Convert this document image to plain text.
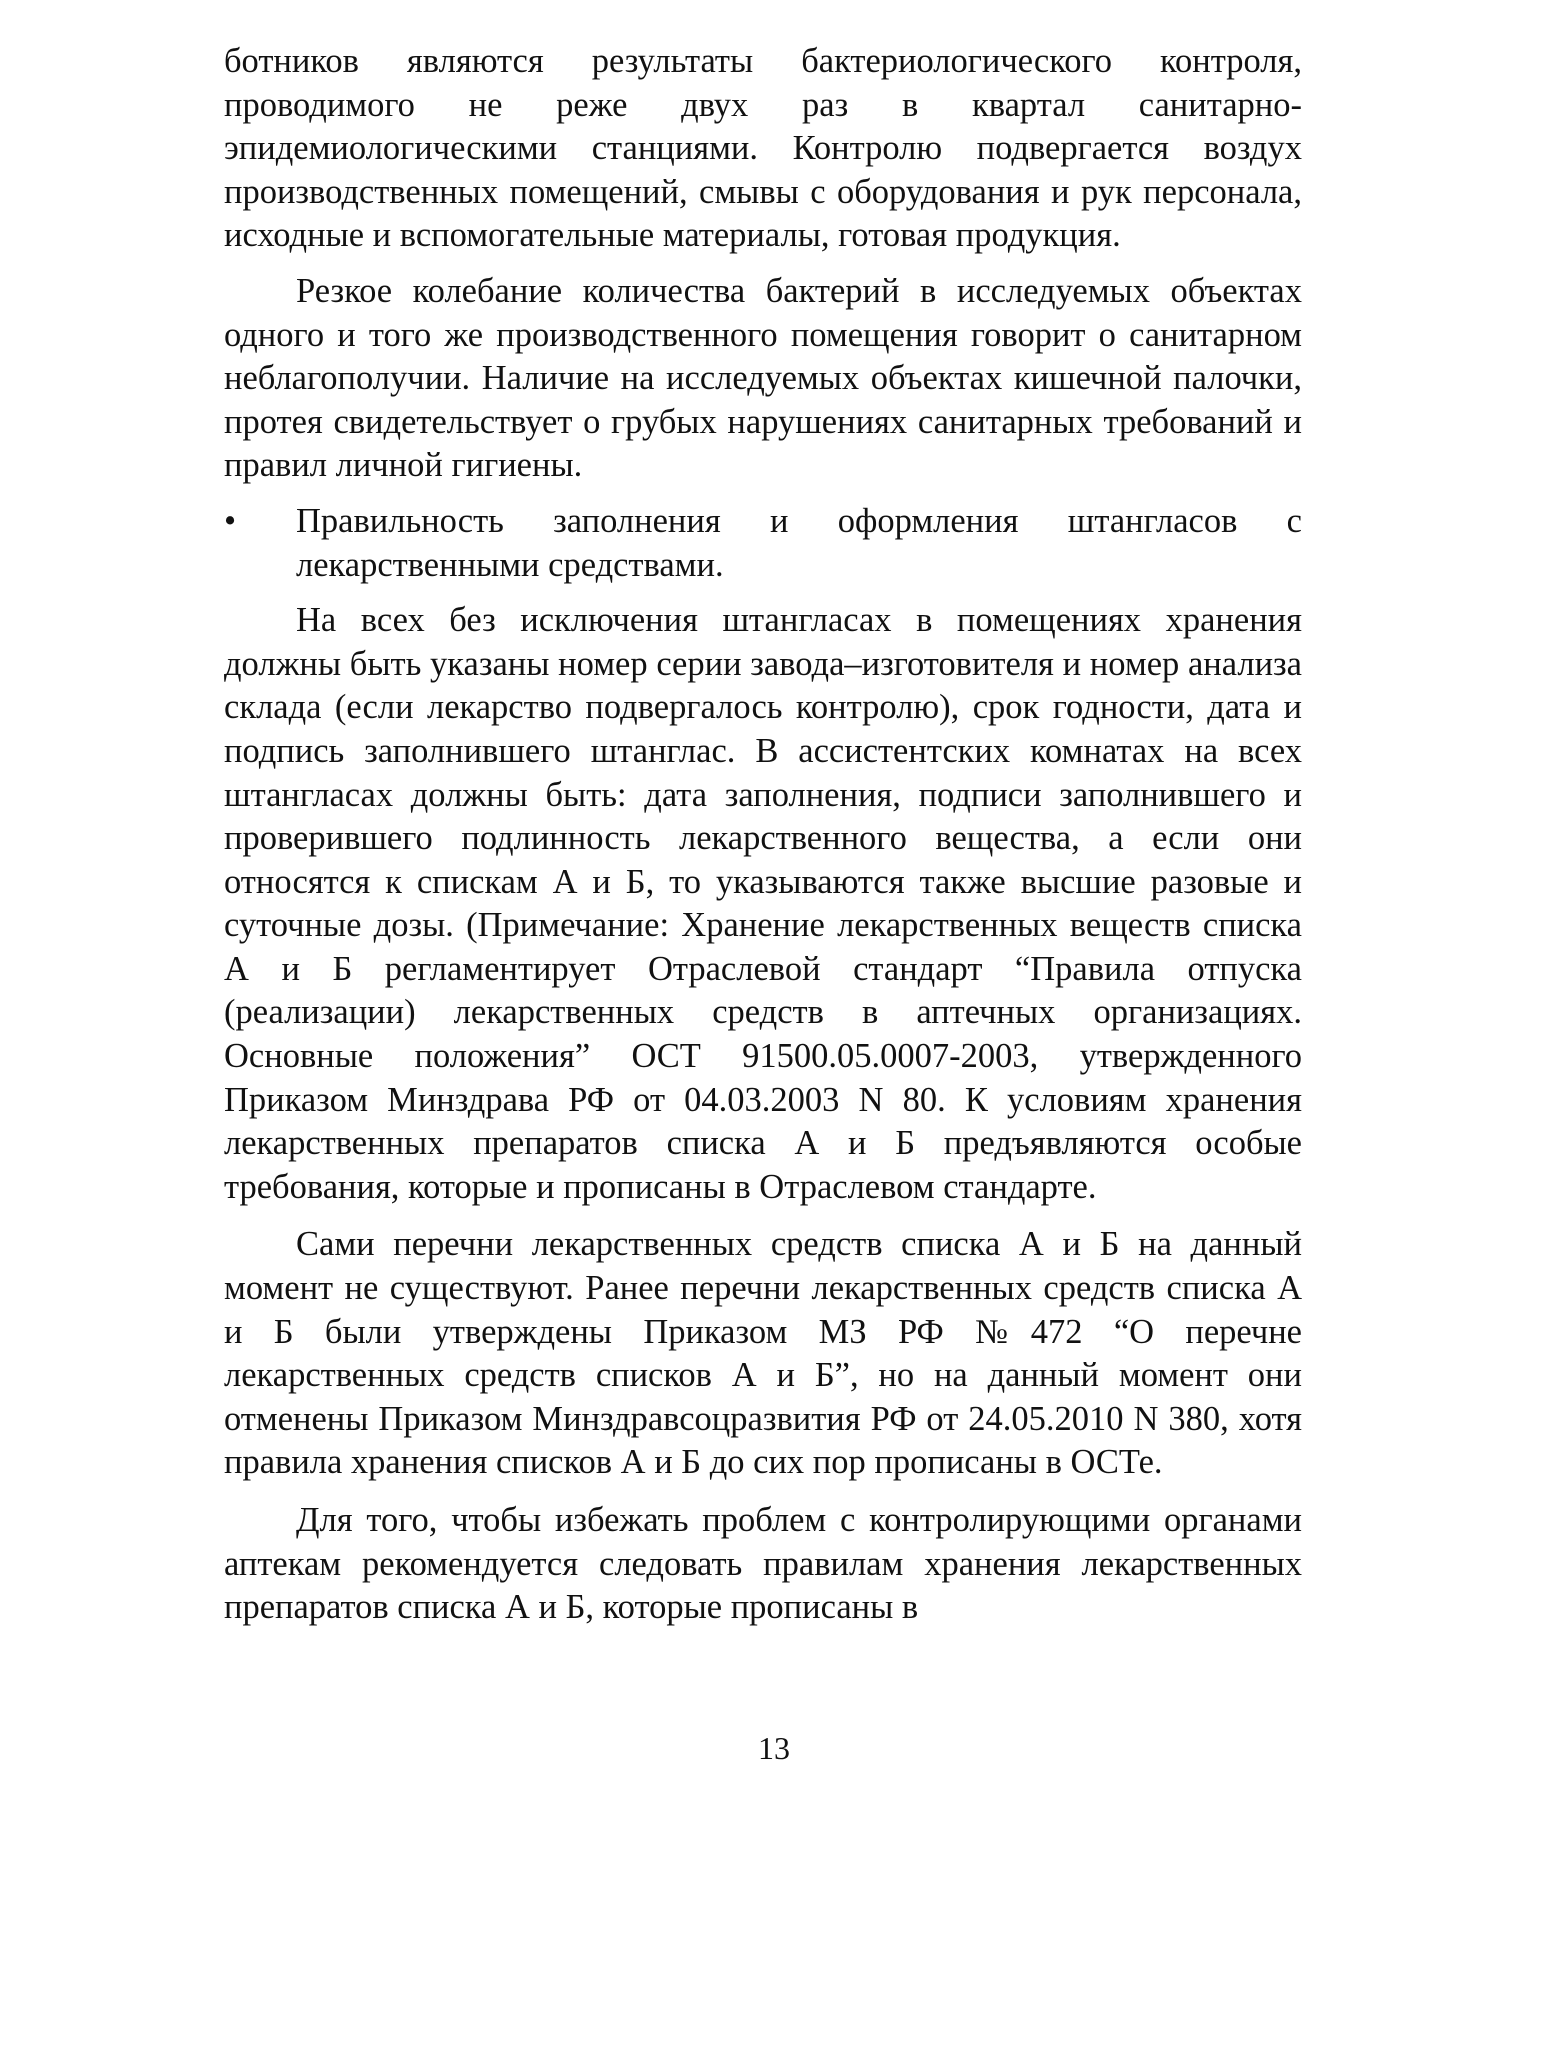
ботников являются результаты бактериологического контроля, проводимого не реже двух раз в квартал санитарно-эпидемиологическими станциями. Контролю подвергается воздух производственных помещений, смывы с оборудования и рук персонала, исходные и вспомогательные материалы, готовая продукция.

Резкое колебание количества бактерий в исследуемых объектах одного и того же производственного помещения говорит о санитарном неблагополучии. Наличие на исследуемых объектах кишечной палочки, протея свидетельствует о грубых нарушениях санитарных требований и правил личной гигиены.

•	Правильность заполнения и оформления штангласов с лекарственными средствами.

На всех без исключения штангласах в помещениях хранения должны быть указаны номер серии завода–изготовителя и номер анализа склада (если лекарство подвергалось контролю), срок годности, дата и подпись заполнившего штанглас. В ассистентских комнатах на всех штангласах должны быть: дата заполнения, подписи заполнившего и проверившего подлинность лекарственного вещества, а если они относятся к спискам А и Б, то указываются также высшие разовые и суточные дозы. (Примечание: Хранение лекарственных веществ списка А и Б регламентирует Отраслевой стандарт “Правила отпуска (реализации) лекарственных средств в аптечных организациях. Основные положения” ОСТ 91500.05.0007-2003, утвержденного Приказом Минздрава РФ от 04.03.2003 N 80. К условиям хранения лекарственных препаратов списка А и Б предъявляются особые требования, которые и прописаны в Отраслевом стандарте.

Сами перечни лекарственных средств списка А и Б на данный момент не существуют. Ранее перечни лекарственных средств списка А и Б были утверждены Приказом МЗ РФ №472 “О перечне лекарственных средств списков А и Б”, но на данный момент они отменены Приказом Минздравсоцразвития РФ от 24.05.2010 N 380, хотя правила хранения списков А и Б до сих пор прописаны в ОСТе.

Для того, чтобы избежать проблем с контролирующими органами аптекам рекомендуется следовать правилам хранения лекарственных препаратов списка А и Б, которые прописаны в

13
